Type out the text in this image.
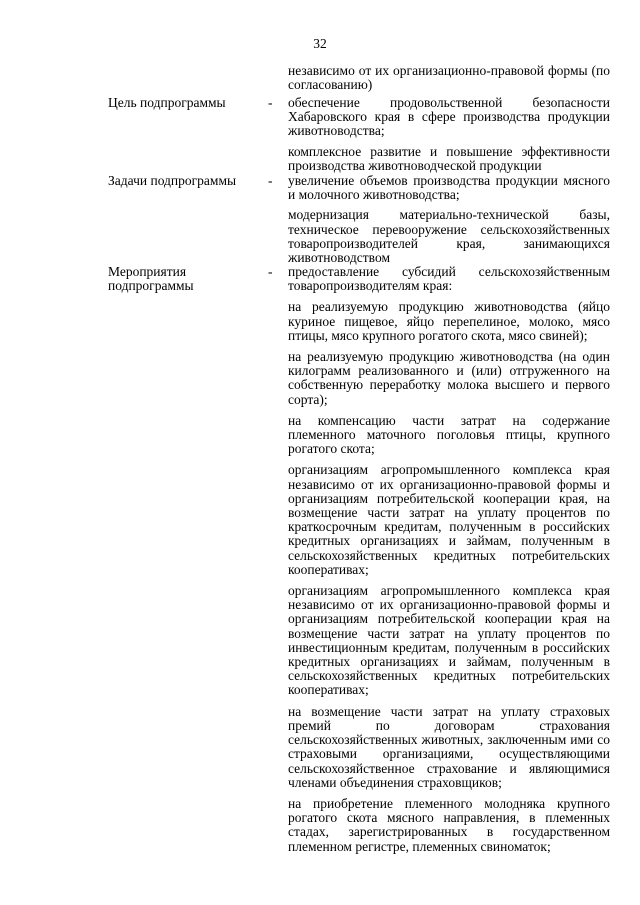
32
независимо от их организационно-правовой формы (по согласованию)
Цель подпрограммы	- обеспечение продовольственной безопасности Хабаровского края в сфере производства продукции животноводства;

комплексное развитие и повышение эффективности производства животноводческой продукции

Задачи подпрограммы	- увеличение объемов производства продукции мясного и молочного животноводства;

модернизация материально-технической базы, техническое перевооружение сельскохозяйственных товаропроизводителей края, занимающихся животноводством

Мероприятия подпрограммы
- предоставление субсидий сельскохозяйственным товаропроизводителям края:

на реализуемую продукцию животноводства (яйцо куриное пищевое, яйцо перепелиное, молоко, мясо птицы, мясо крупного рогатого скота, мясо свиней);

на реализуемую продукцию животноводства (на один килограмм реализованного и (или) отгруженного на собственную переработку молока высшего и первого сорта);

на компенсацию части затрат на содержание племенного маточного поголовья птицы, крупного рогатого скота;

организациям агропромышленного комплекса края независимо от их организационно-правовой формы и организациям потребительской кооперации края, на возмещение части затрат на уплату процентов по краткосрочным кредитам, полученным в российских кредитных организациях и займам, полученным в сельскохозяйственных кредитных потребительских кооперативах;

организациям агропромышленного комплекса края независимо от их организационно-правовой формы и организациям потребительской кооперации края на возмещение части затрат на уплату процентов по инвестиционным кредитам, полученным в российских кредитных организациях и займам, полученным в сельскохозяйственных кредитных потребительских кооперативах;

на возмещение части затрат на уплату страховых премий по договорам страхования сельскохозяйственных животных, заключенным ими со страховыми организациями, осуществляющими сельскохозяйственное страхование и являющимися членами объединения страховщиков;

на приобретение племенного молодняка крупного рогатого скота мясного направления, в племенных стадах, зарегистрированных в государственном племенном регистре, племенных свиноматок;
